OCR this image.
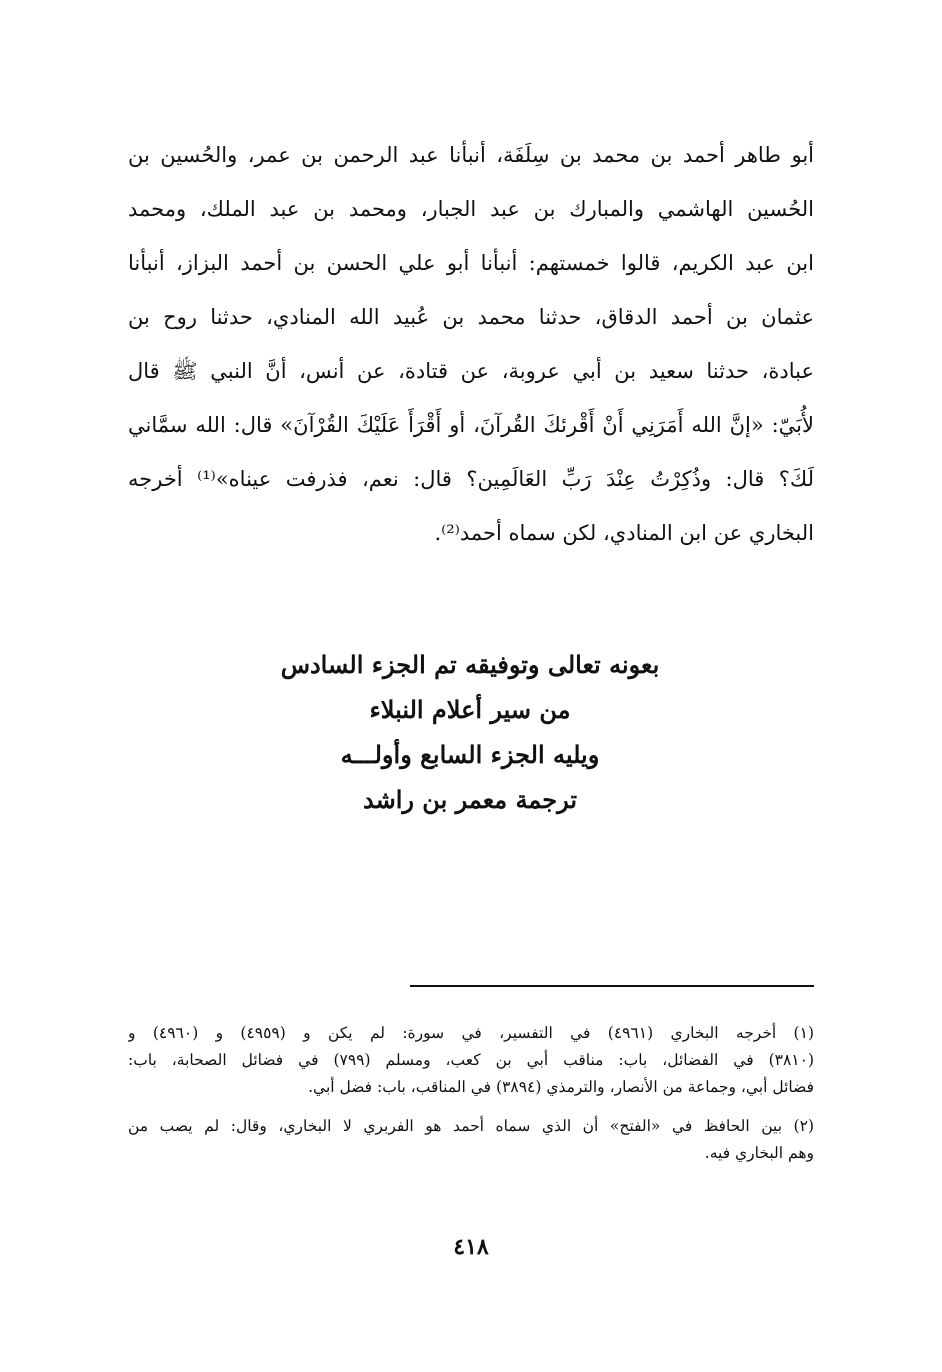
أبو طاهر أحمد بن محمد بن سِلَفَة، أنبأنا عبد الرحمن بن عمر، والحُسين بن
الحُسين الهاشمي والمبارك بن عبد الجبار، ومحمد بن عبد الملك، ومحمد
ابن عبد الكريم، قالوا خمستهم: أنبأنا أبو علي الحسن بن أحمد البزاز، أنبأنا
عثمان بن أحمد الدقاق، حدثنا محمد بن عُبيد الله المنادي، حدثنا روح بن
عبادة، حدثنا سعيد بن أبي عروبة، عن قتادة، عن أنس، أنَّ النبي ﷺ قال
لأُبَيّ: «إنَّ الله أَمَرَنِي أَنْ أَقْرئكَ القُرآنَ، أو أَقْرَأَ عَلَيْكَ القُرْآنَ» قال: الله سمَّاني
لَكَ؟ قال: وذُكِرْتُ عِنْدَ رَبِّ العَالَمِين؟ قال: نعم، فذرفت عيناه»⁽¹⁾ أخرجه
البخاري عن ابن المنادي، لكن سماه أحمد⁽²⁾.
بعونه تعالى وتوفيقه تم الجزء السادس
من سير أعلام النبلاء
ويليه الجزء السابع وأولـــه
ترجمة معمر بن راشد
(١) أخرجه البخاري (٤٩٦١) في التفسير، في سورة: لم يكن و (٤٩٥٩) و (٤٩٦٠) و
(٣٨١٠) في الفضائل، باب: مناقب أبي بن كعب، ومسلم (٧٩٩) في فضائل الصحابة، باب:
فضائل أبي، وجماعة من الأنصار، والترمذي (٣٨٩٤) في المناقب، باب: فضل أبي.
(٢) بين الحافظ في «الفتح» أن الذي سماه أحمد هو الفربري لا البخاري، وقال: لم يصب من
وهم البخاري فيه.
٤١٨
